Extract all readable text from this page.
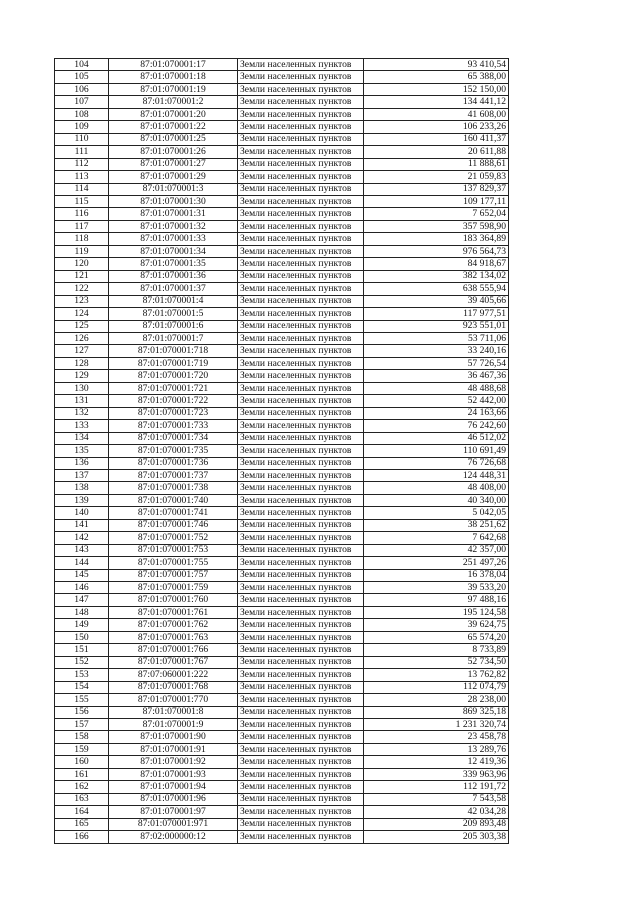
104	87:01:070001:17	Земли населенных пунктов	93 410,54
105	87:01:070001:18	Земли населенных пунктов	65 388,00
106	87:01:070001:19	Земли населенных пунктов	152 150,00
107	87:01:070001:2	Земли населенных пунктов	134 441,12
108	87:01:070001:20	Земли населенных пунктов	41 608,00
109	87:01:070001:22	Земли населенных пунктов	106 233,26
110	87:01:070001:25	Земли населенных пунктов	160 411,37
111	87:01:070001:26	Земли населенных пунктов	20 611,88
112	87:01:070001:27	Земли населенных пунктов	11 888,61
113	87:01:070001:29	Земли населенных пунктов	21 059,83
114	87:01:070001:3	Земли населенных пунктов	137 829,37
115	87:01:070001:30	Земли населенных пунктов	109 177,11
116	87:01:070001:31	Земли населенных пунктов	7 652,04
117	87:01:070001:32	Земли населенных пунктов	357 598,90
118	87:01:070001:33	Земли населенных пунктов	183 364,89
119	87:01:070001:34	Земли населенных пунктов	976 564,73
120	87:01:070001:35	Земли населенных пунктов	84 918,67
121	87:01:070001:36	Земли населенных пунктов	382 134,02
122	87:01:070001:37	Земли населенных пунктов	638 555,94
123	87:01:070001:4	Земли населенных пунктов	39 405,66
124	87:01:070001:5	Земли населенных пунктов	117 977,51
125	87:01:070001:6	Земли населенных пунктов	923 551,01
126	87:01:070001:7	Земли населенных пунктов	53 711,06
127	87:01:070001:718	Земли населенных пунктов	33 240,16
128	87:01:070001:719	Земли населенных пунктов	57 726,54
129	87:01:070001:720	Земли населенных пунктов	36 467,36
130	87:01:070001:721	Земли населенных пунктов	48 488,68
131	87:01:070001:722	Земли населенных пунктов	52 442,00
132	87:01:070001:723	Земли населенных пунктов	24 163,66
133	87:01:070001:733	Земли населенных пунктов	76 242,60
134	87:01:070001:734	Земли населенных пунктов	46 512,02
135	87:01:070001:735	Земли населенных пунктов	110 691,49
136	87:01:070001:736	Земли населенных пунктов	76 726,68
137	87:01:070001:737	Земли населенных пунктов	124 448,31
138	87:01:070001:738	Земли населенных пунктов	48 408,00
139	87:01:070001:740	Земли населенных пунктов	40 340,00
140	87:01:070001:741	Земли населенных пунктов	5 042,05
141	87:01:070001:746	Земли населенных пунктов	38 251,62
142	87:01:070001:752	Земли населенных пунктов	7 642,68
143	87:01:070001:753	Земли населенных пунктов	42 357,00
144	87:01:070001:755	Земли населенных пунктов	251 497,26
145	87:01:070001:757	Земли населенных пунктов	16 378,04
146	87:01:070001:759	Земли населенных пунктов	39 533,20
147	87:01:070001:760	Земли населенных пунктов	97 488,16
148	87:01:070001:761	Земли населенных пунктов	195 124,58
149	87:01:070001:762	Земли населенных пунктов	39 624,75
150	87:01:070001:763	Земли населенных пунктов	65 574,20
151	87:01:070001:766	Земли населенных пунктов	8 733,89
152	87:01:070001:767	Земли населенных пунктов	52 734,50
153	87:07:060001:222	Земли населенных пунктов	13 762,82
154	87:01:070001:768	Земли населенных пунктов	112 074,79
155	87:01:070001:770	Земли населенных пунктов	28 238,00
156	87:01:070001:8	Земли населенных пунктов	869 325,18
157	87:01:070001:9	Земли населенных пунктов	1 231 320,74
158	87:01:070001:90	Земли населенных пунктов	23 458,78
159	87:01:070001:91	Земли населенных пунктов	13 289,76
160	87:01:070001:92	Земли населенных пунктов	12 419,36
161	87:01:070001:93	Земли населенных пунктов	339 963,96
162	87:01:070001:94	Земли населенных пунктов	112 191,72
163	87:01:070001:96	Земли населенных пунктов	7 543,58
164	87:01:070001:97	Земли населенных пунктов	42 034,28
165	87:01:070001:971	Земли населенных пунктов	209 893,48
166	87:02:000000:12	Земли населенных пунктов	205 303,38
